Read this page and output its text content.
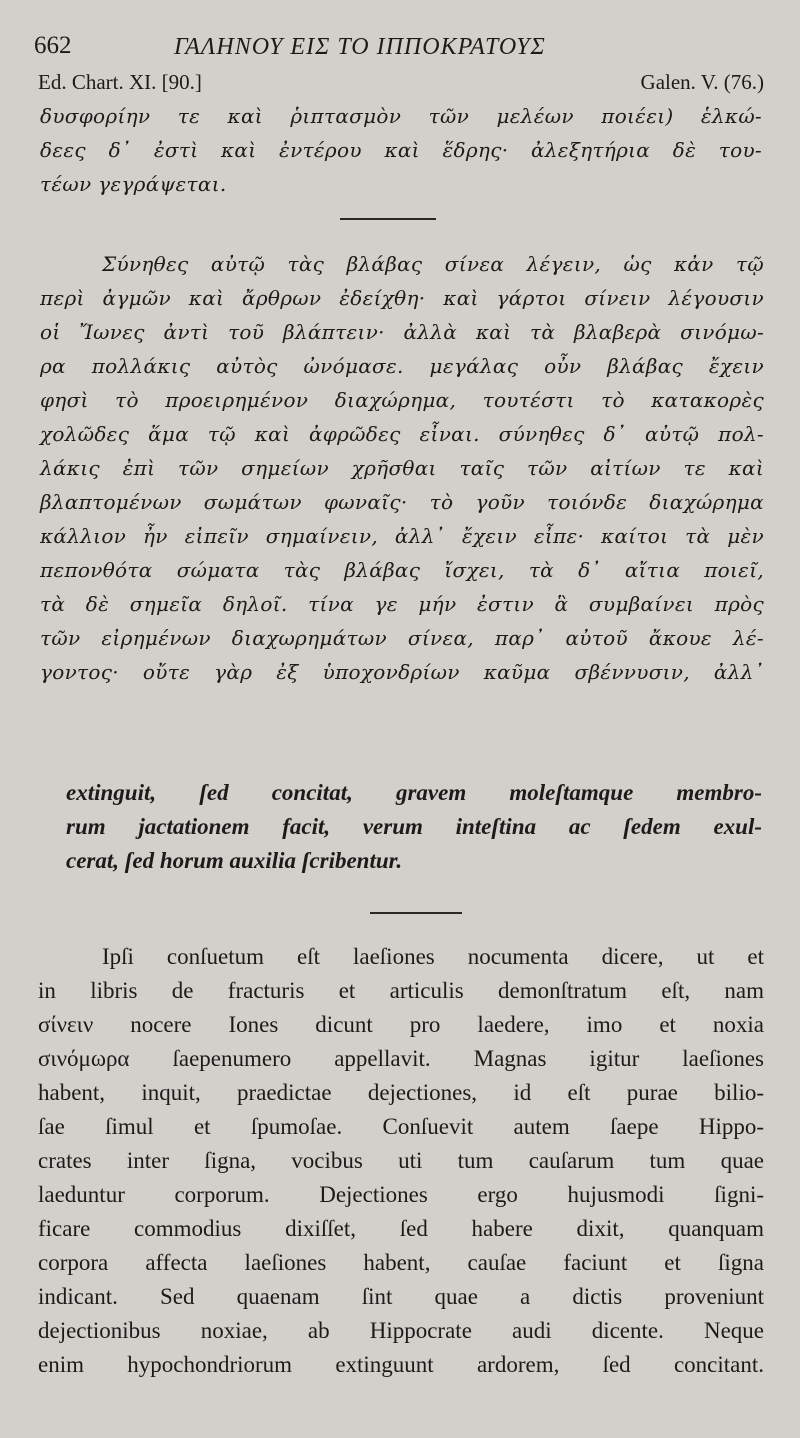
662	ΓΑΛΗΝΟΥ ΕΙΣ ΤΟ ΙΠΠΟΚΡΑΤΟΥΣ
Ed. Chart. XI. [90.]	Galen. V. (76.)
δυσφορίην τε καὶ ῥιπτασμὸν τῶν μελέων ποιέει) ἑλκώ-
δεες δ᾽ ἐστὶ καὶ ἐντέρου καὶ ἕδρης· ἀλεξητήρια δὲ του-
τέων γεγράψεται.
Σύνηθες αὐτῷ τὰς βλάβας σίνεα λέγειν, ὡς κἀν τῷ
περὶ ἀγμῶν καὶ ἄρθρων ἐδείχθη· καὶ γάρτοι σίνειν λέγουσιν
οἱ Ἴωνες ἀντὶ τοῦ βλάπτειν· ἀλλὰ καὶ τὰ βλαβερὰ σινόμω-
ρα πολλάκις αὐτὸς ὠνόμασε. μεγάλας οὖν βλάβας ἔχειν
φησὶ τὸ προειρημένον διαχώρημα, τουτέστι τὸ κατακορὲς
χολῶδες ἅμα τῷ καὶ ἀφρῶδες εἶναι. σύνηθες δ᾽ αὐτῷ πολ-
λάκις ἐπὶ τῶν σημείων χρῆσθαι ταῖς τῶν αἰτίων τε καὶ
βλαπτομένων σωμάτων φωναῖς· τὸ γοῦν τοιόνδε διαχώρημα
κάλλιον ἦν εἰπεῖν σημαίνειν, ἀλλ᾽ ἔχειν εἶπε· καίτοι τὰ μὲν
πεπονθότα σώματα τὰς βλάβας ἴσχει, τὰ δ᾽ αἴτια ποιεῖ,
τὰ δὲ σημεῖα δηλοῖ. τίνα γε μήν ἐστιν ἃ συμβαίνει πρὸς
τῶν εἰρημένων διαχωρημάτων σίνεα, παρ᾽ αὐτοῦ ἄκουε λέ-
γοντος· οὔτε γὰρ ἐξ ὑποχονδρίων καῦμα σβέννυσιν, ἀλλ᾽
extinguit, ſed concitat, gravem moleſtamque membro-
rum jactationem facit, verum inteſtina ac ſedem exul-
cerat, ſed horum auxilia ſcribentur.
Ipſi conſuetum eſt laeſiones nocumenta dicere, ut et
in libris de fracturis et articulis demonſtratum eſt, nam
σίνειν nocere Iones dicunt pro laedere, imo et noxia
σινόμωρα ſaepenumero appellavit. Magnas igitur laeſiones
habent, inquit, praedictae dejectiones, id eſt purae bilio-
ſae ſimul et ſpumoſae. Conſuevit autem ſaepe Hippo-
crates inter ſigna, vocibus uti tum cauſarum tum quae
laeduntur corporum. Dejectiones ergo hujusmodi ſigni-
ficare commodius dixiſſet, ſed habere dixit, quanquam
corpora affecta laeſiones habent, cauſae faciunt et ſigna
indicant. Sed quaenam ſint quae a dictis proveniunt
dejectionibus noxiae, ab Hippocrate audi dicente. Neque
enim hypochondriorum extinguunt ardorem, ſed concitant.
